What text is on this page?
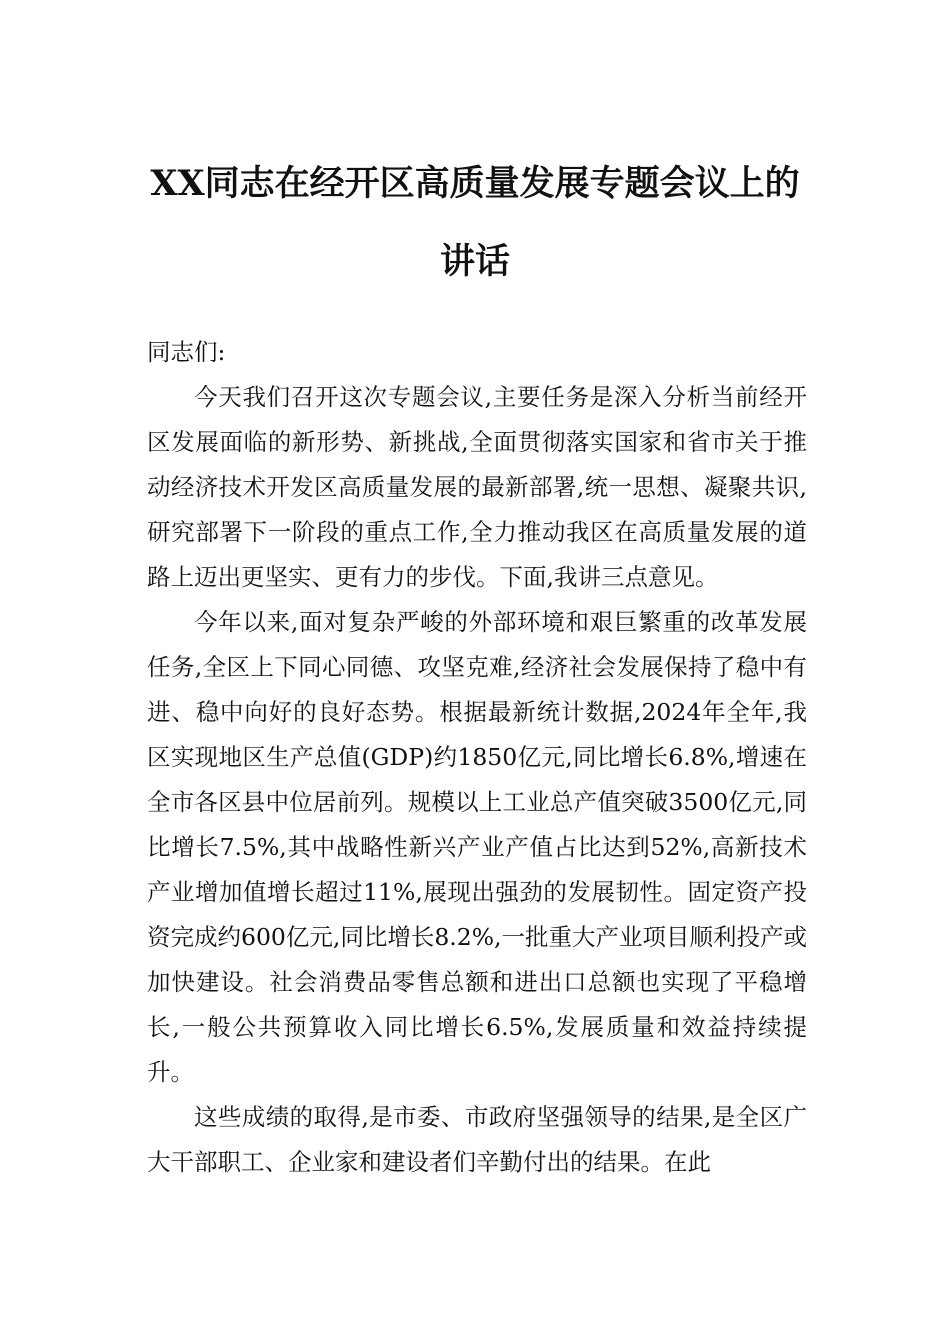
XX同志在经开区高质量发展专题会议上的
讲话

同志们:

今天我们召开这次专题会议,主要任务是深入分析当前经开区发展面临的新形势、新挑战,全面贯彻落实国家和省市关于推动经济技术开发区高质量发展的最新部署,统一思想、凝聚共识,研究部署下一阶段的重点工作,全力推动我区在高质量发展的道路上迈出更坚实、更有力的步伐。下面,我讲三点意见。

今年以来,面对复杂严峻的外部环境和艰巨繁重的改革发展任务,全区上下同心同德、攻坚克难,经济社会发展保持了稳中有进、稳中向好的良好态势。根据最新统计数据,2024年全年,我区实现地区生产总值(GDP)约1850亿元,同比增长6.8%,增速在全市各区县中位居前列。规模以上工业总产值突破3500亿元,同比增长7.5%,其中战略性新兴产业产值占比达到52%,高新技术产业增加值增长超过11%,展现出强劲的发展韧性。固定资产投资完成约600亿元,同比增长8.2%,一批重大产业项目顺利投产或加快建设。社会消费品零售总额和进出口总额也实现了平稳增长,一般公共预算收入同比增长6.5%,发展质量和效益持续提升。

这些成绩的取得,是市委、市政府坚强领导的结果,是全区广大干部职工、企业家和建设者们辛勤付出的结果。在此
